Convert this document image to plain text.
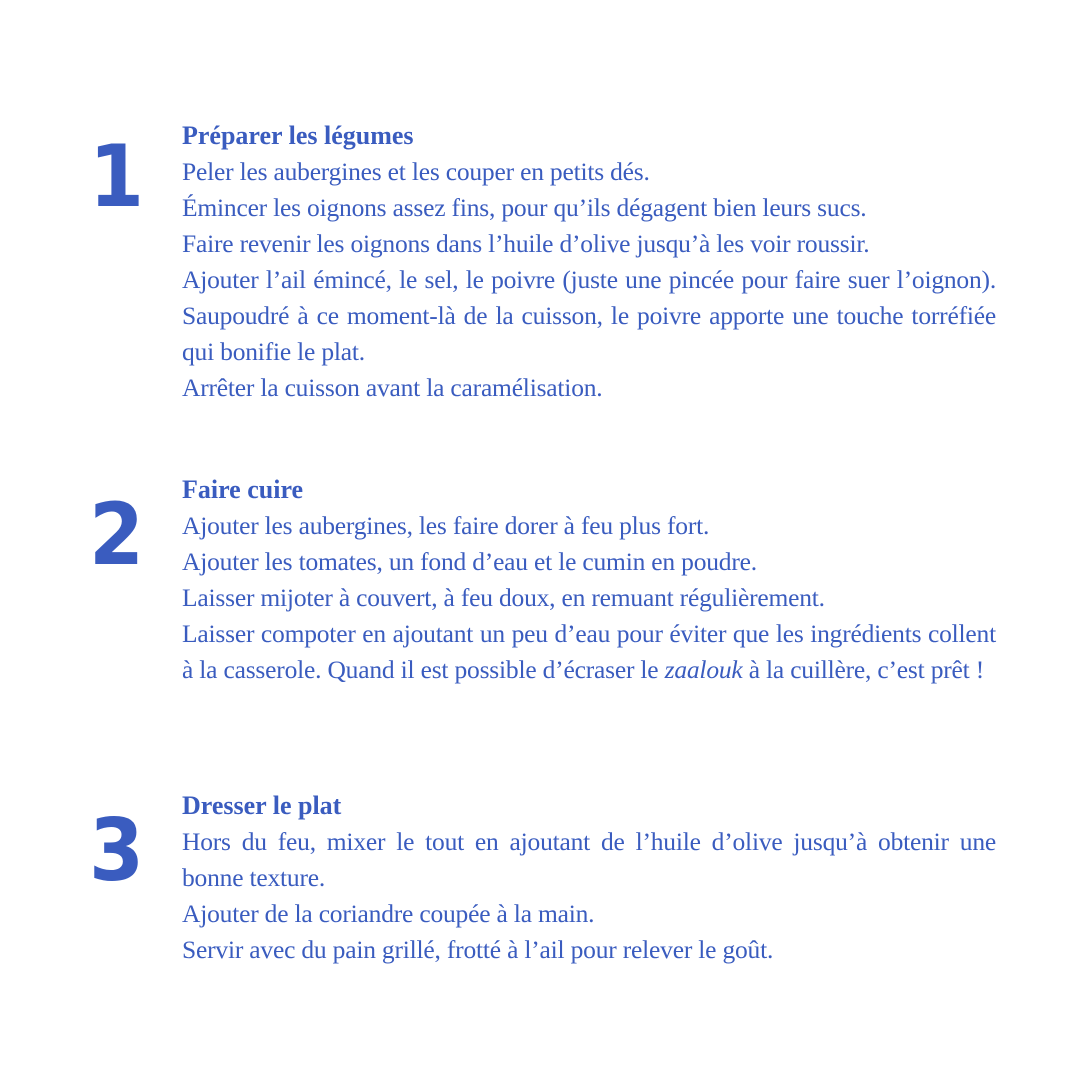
1 Préparer les légumes

Peler les aubergines et les couper en petits dés.

Émincer les oignons assez fins, pour qu’ils dégagent bien leurs sucs.

Faire revenir les oignons dans l’huile d’olive jusqu’à les voir roussir.

Ajouter l’ail émincé, le sel, le poivre (juste une pincée pour faire suer l’oignon). Saupoudré à ce moment-là de la cuisson, le poivre apporte une touche torréfiée qui bonifie le plat.

Arrêter la cuisson avant la caramélisation.

2 Faire cuire

Ajouter les aubergines, les faire dorer à feu plus fort.

Ajouter les tomates, un fond d’eau et le cumin en poudre.

Laisser mijoter à couvert, à feu doux, en remuant régulièrement.

Laisser compoter en ajoutant un peu d’eau pour éviter que les ingrédients collent à la casserole. Quand il est possible d’écraser le zaalouk à la cuillère, c’est prêt !

3 Dresser le plat

Hors du feu, mixer le tout en ajoutant de l’huile d’olive jusqu’à obtenir une bonne texture.

Ajouter de la coriandre coupée à la main.

Servir avec du pain grillé, frotté à l’ail pour relever le goût.
